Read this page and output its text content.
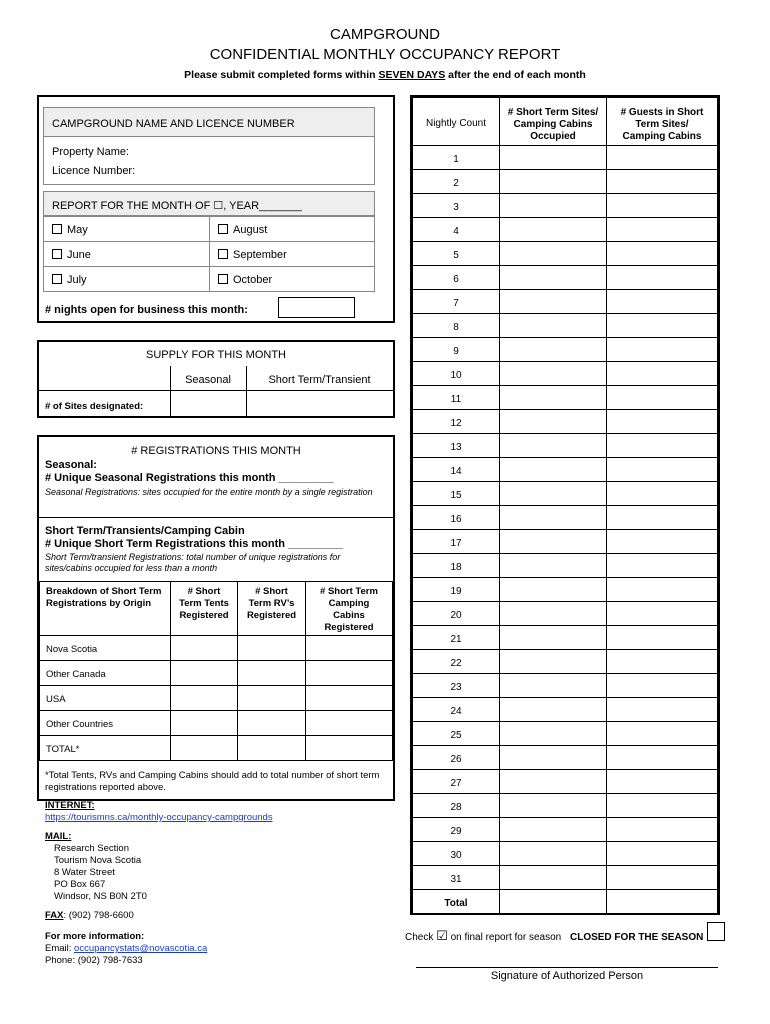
CAMPGROUND
CONFIDENTIAL MONTHLY OCCUPANCY REPORT
Please submit completed forms within SEVEN DAYS after the end of each month
CAMPGROUND NAME AND LICENCE NUMBER
Property Name:
Licence Number:
REPORT FOR THE MONTH OF ☐, YEAR_______
May	August
June	September
July	October
# nights open for business this month:
SUPPLY FOR THIS MONTH
Seasonal	Short Term/Transient
# of Sites designated:
# REGISTRATIONS THIS MONTH
Seasonal:
# Unique Seasonal Registrations this month _________
Seasonal Registrations: sites occupied for the entire month by a single registration
Short Term/Transients/Camping Cabin
# Unique Short Term Registrations this month _________
Short Term/transient Registrations: total number of unique registrations for sites/cabins occupied for less than a month
Breakdown of Short Term Registrations by Origin	# Short Term Tents Registered	# Short Term RV’s Registered	# Short Term Camping Cabins Registered

Nova Scotia			
Other Canada			
USA			
Other Countries			
TOTAL*			
*Total Tents, RVs and Camping Cabins should add to total number of short term registrations reported above.
INTERNET:
https://tourismns.ca/monthly-occupancy-campgrounds
MAIL:
Research Section
Tourism Nova Scotia
8 Water Street
PO Box 667
Windsor, NS B0N 2T0
FAX: (902) 798-6600
For more information:
Email: occupancystats@novascotia.ca
Phone: (902) 798-7633
Nightly Count	# Short Term Sites/ Camping Cabins Occupied	# Guests in Short Term Sites/ Camping Cabins

1		
2		
3		
4		
5		
6		
7		
8		
9		
10		
11		
12		
13		
14		
15		
16		
17		
18		
19		
20		
21		
22		
23		
24		
25		
26		
27		
28		
29		
30		
31		
Total		
Check ☑ on final report for season CLOSED FOR THE SEASON
Signature of Authorized Person
